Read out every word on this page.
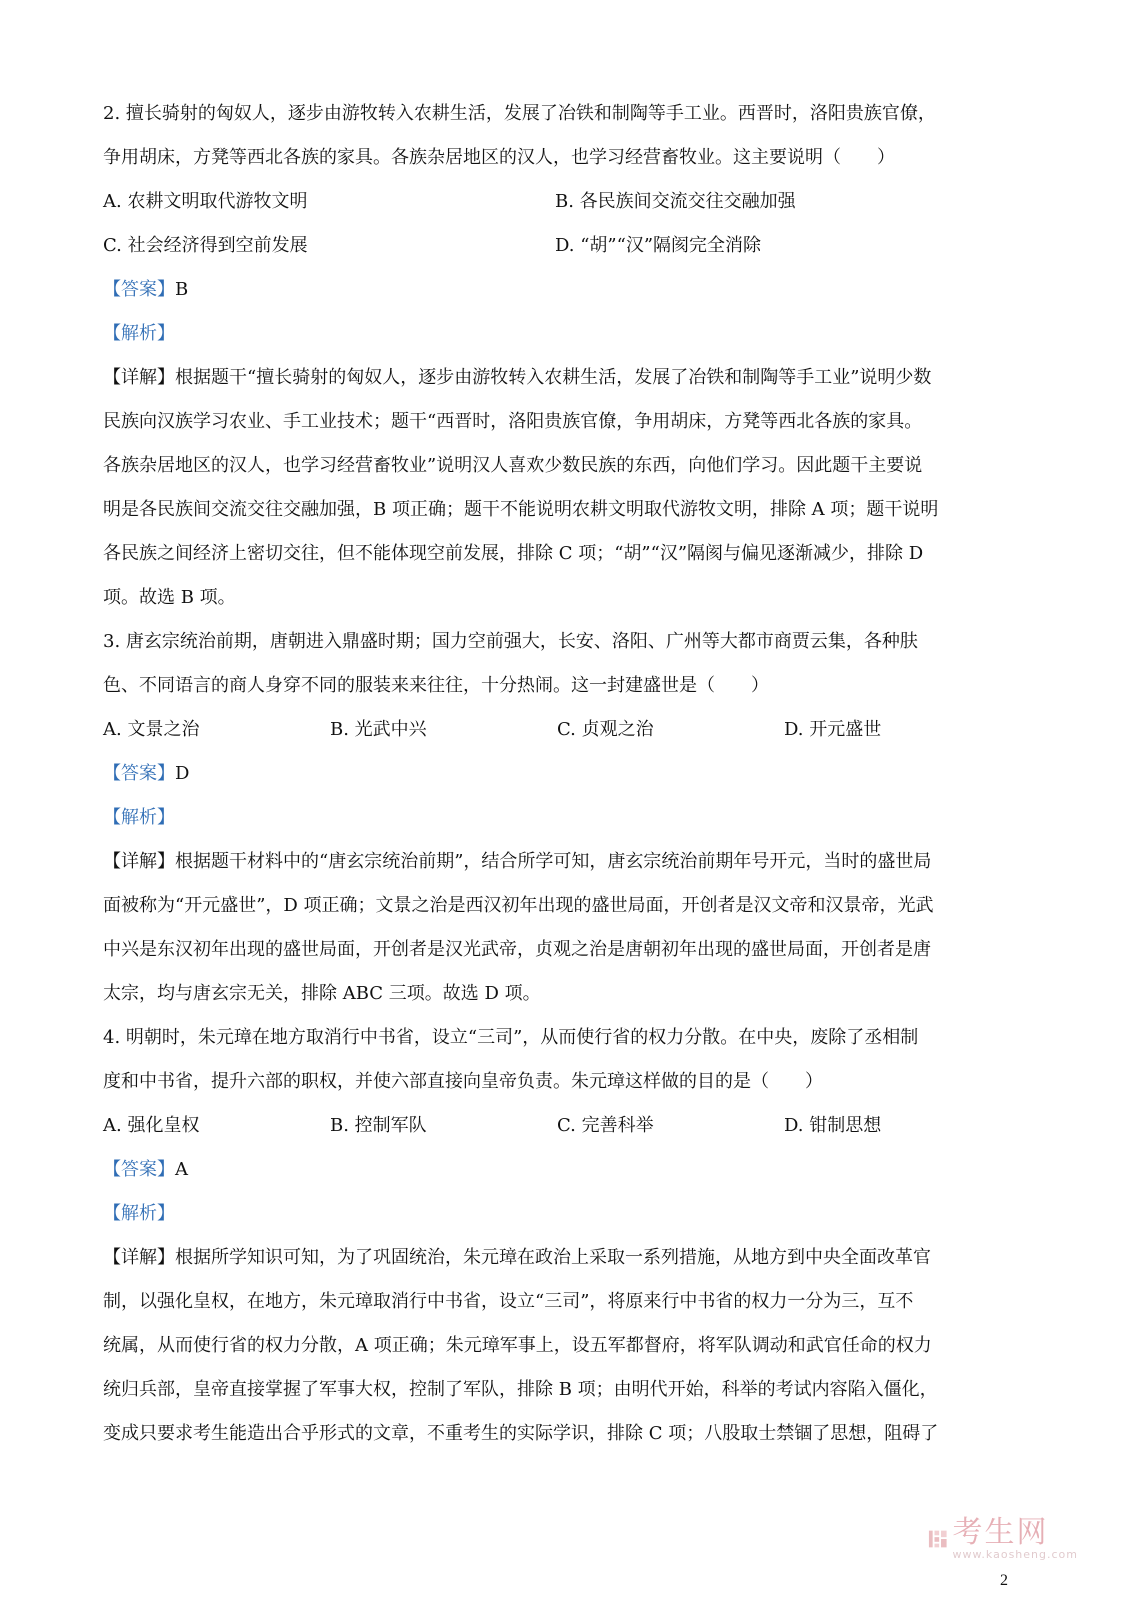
2. 擅长骑射的匈奴人，逐步由游牧转入农耕生活，发展了冶铁和制陶等手工业。西晋时，洛阳贵族官僚，
争用胡床，方凳等西北各族的家具。各族杂居地区的汉人，也学习经营畜牧业。这主要说明（　　）
A. 农耕文明取代游牧文明	B. 各民族间交流交往交融加强
C. 社会经济得到空前发展	D. “胡”“汉”隔阂完全消除
【答案】B
【解析】
【详解】根据题干“擅长骑射的匈奴人，逐步由游牧转入农耕生活，发展了冶铁和制陶等手工业”说明少数
民族向汉族学习农业、手工业技术；题干“西晋时，洛阳贵族官僚，争用胡床，方凳等西北各族的家具。
各族杂居地区的汉人，也学习经营畜牧业”说明汉人喜欢少数民族的东西，向他们学习。因此题干主要说
明是各民族间交流交往交融加强，B 项正确；题干不能说明农耕文明取代游牧文明，排除 A 项；题干说明
各民族之间经济上密切交往，但不能体现空前发展，排除 C 项；“胡”“汉”隔阂与偏见逐渐减少，排除 D
项。故选 B 项。
3. 唐玄宗统治前期，唐朝进入鼎盛时期；国力空前强大，长安、洛阳、广州等大都市商贾云集，各种肤
色、不同语言的商人身穿不同的服装来来往往，十分热闹。这一封建盛世是（　　）
A. 文景之治	B. 光武中兴	C. 贞观之治	D. 开元盛世
【答案】D
【解析】
【详解】根据题干材料中的“唐玄宗统治前期”，结合所学可知，唐玄宗统治前期年号开元，当时的盛世局
面被称为“开元盛世”，D 项正确；文景之治是西汉初年出现的盛世局面，开创者是汉文帝和汉景帝，光武
中兴是东汉初年出现的盛世局面，开创者是汉光武帝，贞观之治是唐朝初年出现的盛世局面，开创者是唐
太宗，均与唐玄宗无关，排除 ABC 三项。故选 D 项。
4. 明朝时，朱元璋在地方取消行中书省，设立“三司”，从而使行省的权力分散。在中央，废除了丞相制
度和中书省，提升六部的职权，并使六部直接向皇帝负责。朱元璋这样做的目的是（　　）
A. 强化皇权	B. 控制军队	C. 完善科举	D. 钳制思想
【答案】A
【解析】
【详解】根据所学知识可知，为了巩固统治，朱元璋在政治上采取一系列措施，从地方到中央全面改革官
制，以强化皇权，在地方，朱元璋取消行中书省，设立“三司”，将原来行中书省的权力一分为三，互不
统属，从而使行省的权力分散，A 项正确；朱元璋军事上，设五军都督府，将军队调动和武官任命的权力
统归兵部，皇帝直接掌握了军事大权，控制了军队，排除 B 项；由明代开始，科举的考试内容陷入僵化，
变成只要求考生能造出合乎形式的文章，不重考生的实际学识，排除 C 项；八股取士禁锢了思想，阻碍了
考生网
www.kaosheng.com
2
